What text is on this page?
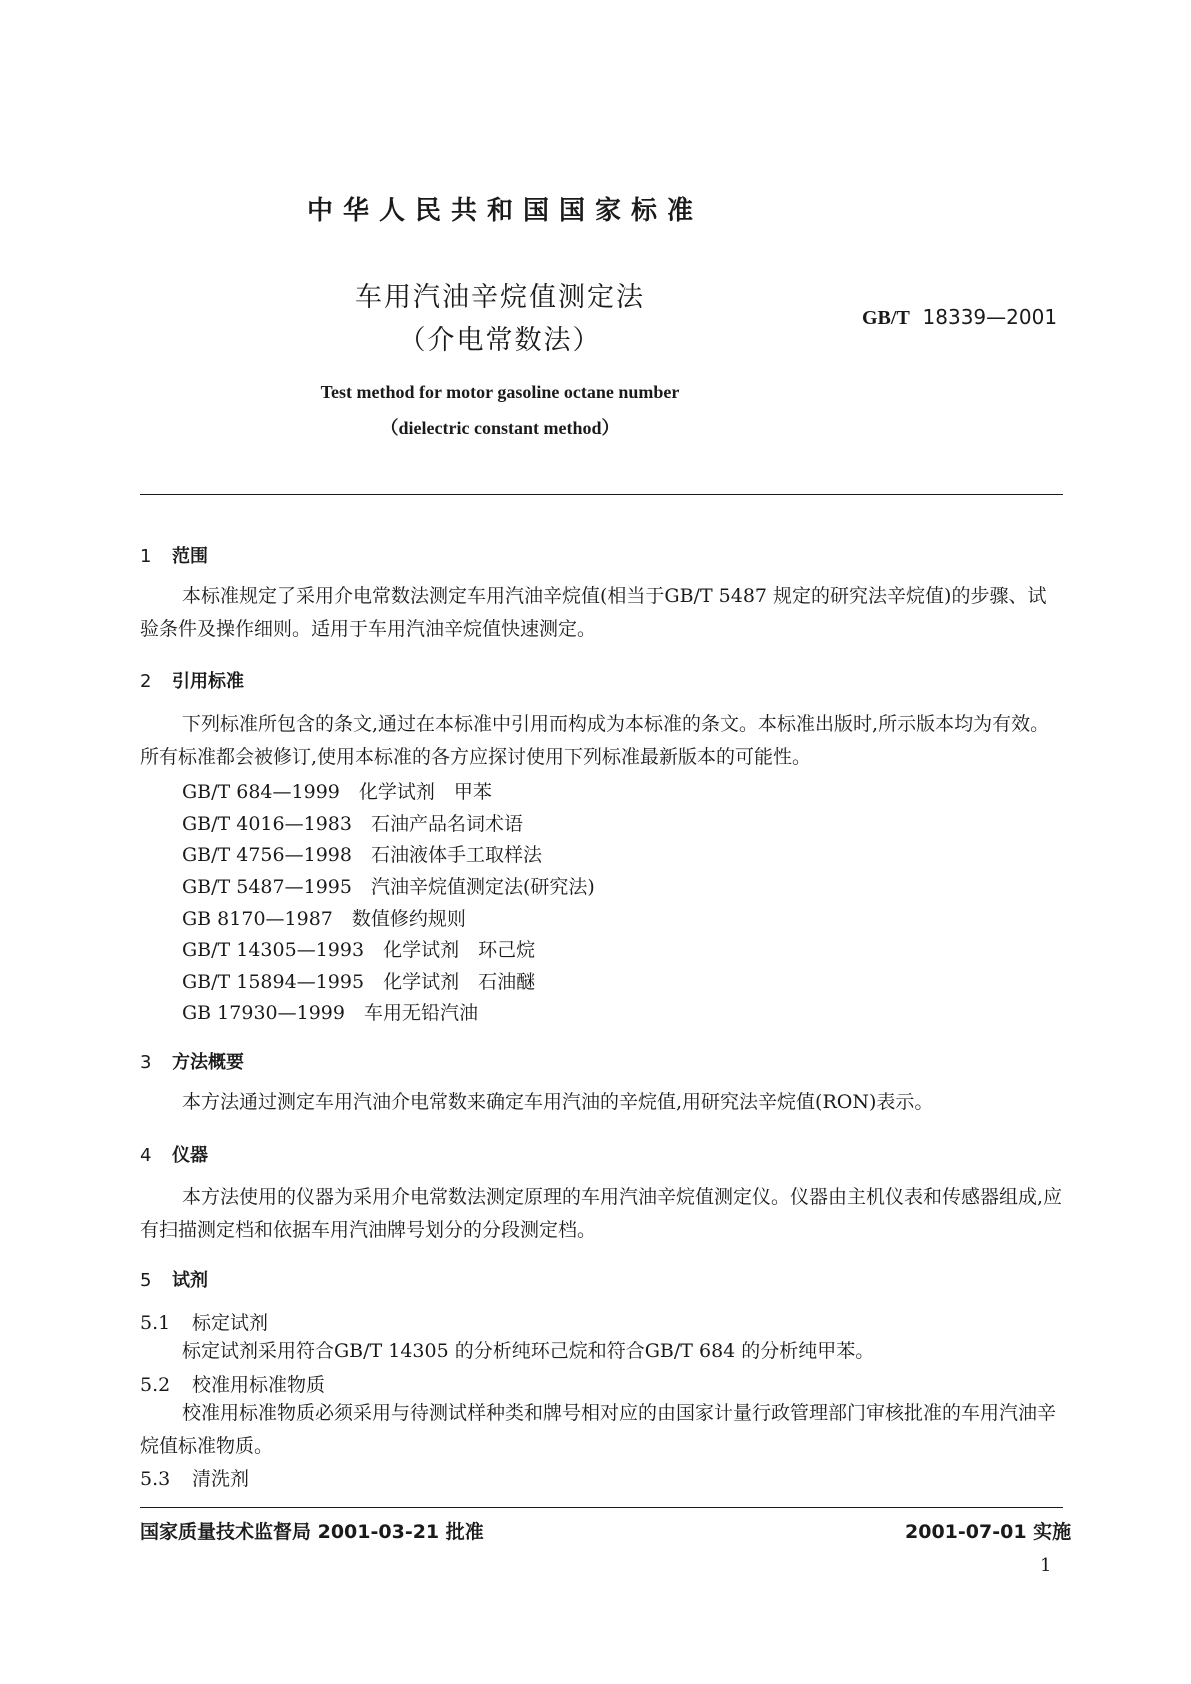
中华人民共和国国家标准
车用汽油辛烷值测定法
（介电常数法）
GB/T 18339—2001
Test method for motor gasoline octane number
（dielectric constant method）
1 范围
本标准规定了采用介电常数法测定车用汽油辛烷值(相当于GB/T 5487 规定的研究法辛烷值)的步骤、试验条件及操作细则。适用于车用汽油辛烷值快速测定。
2 引用标准
下列标准所包含的条文,通过在本标准中引用而构成为本标准的条文。本标准出版时,所示版本均为有效。所有标准都会被修订,使用本标准的各方应探讨使用下列标准最新版本的可能性。
GB/T 684—1999　 化学试剂　甲苯
GB/T 4016—1983　 石油产品名词术语
GB/T 4756—1998　 石油液体手工取样法
GB/T 5487—1995　 汽油辛烷值测定法(研究法)
GB 8170—1987　 数值修约规则
GB/T 14305—1993　 化学试剂　环己烷
GB/T 15894—1995　 化学试剂　石油醚
GB 17930—1999　 车用无铅汽油
3 方法概要
本方法通过测定车用汽油介电常数来确定车用汽油的辛烷值,用研究法辛烷值(RON)表示。
4 仪器
本方法使用的仪器为采用介电常数法测定原理的车用汽油辛烷值测定仪。仪器由主机仪表和传感器组成,应有扫描测定档和依据车用汽油牌号划分的分段测定档。
5 试剂
5.1 标定试剂
标定试剂采用符合GB/T 14305 的分析纯环己烷和符合GB/T 684 的分析纯甲苯。
5.2 校准用标准物质
校准用标准物质必须采用与待测试样种类和牌号相对应的由国家计量行政管理部门审核批准的车用汽油辛烷值标准物质。
5.3 清洗剂
国家质量技术监督局 2001-03-21 批准	2001-07-01 实施
1
